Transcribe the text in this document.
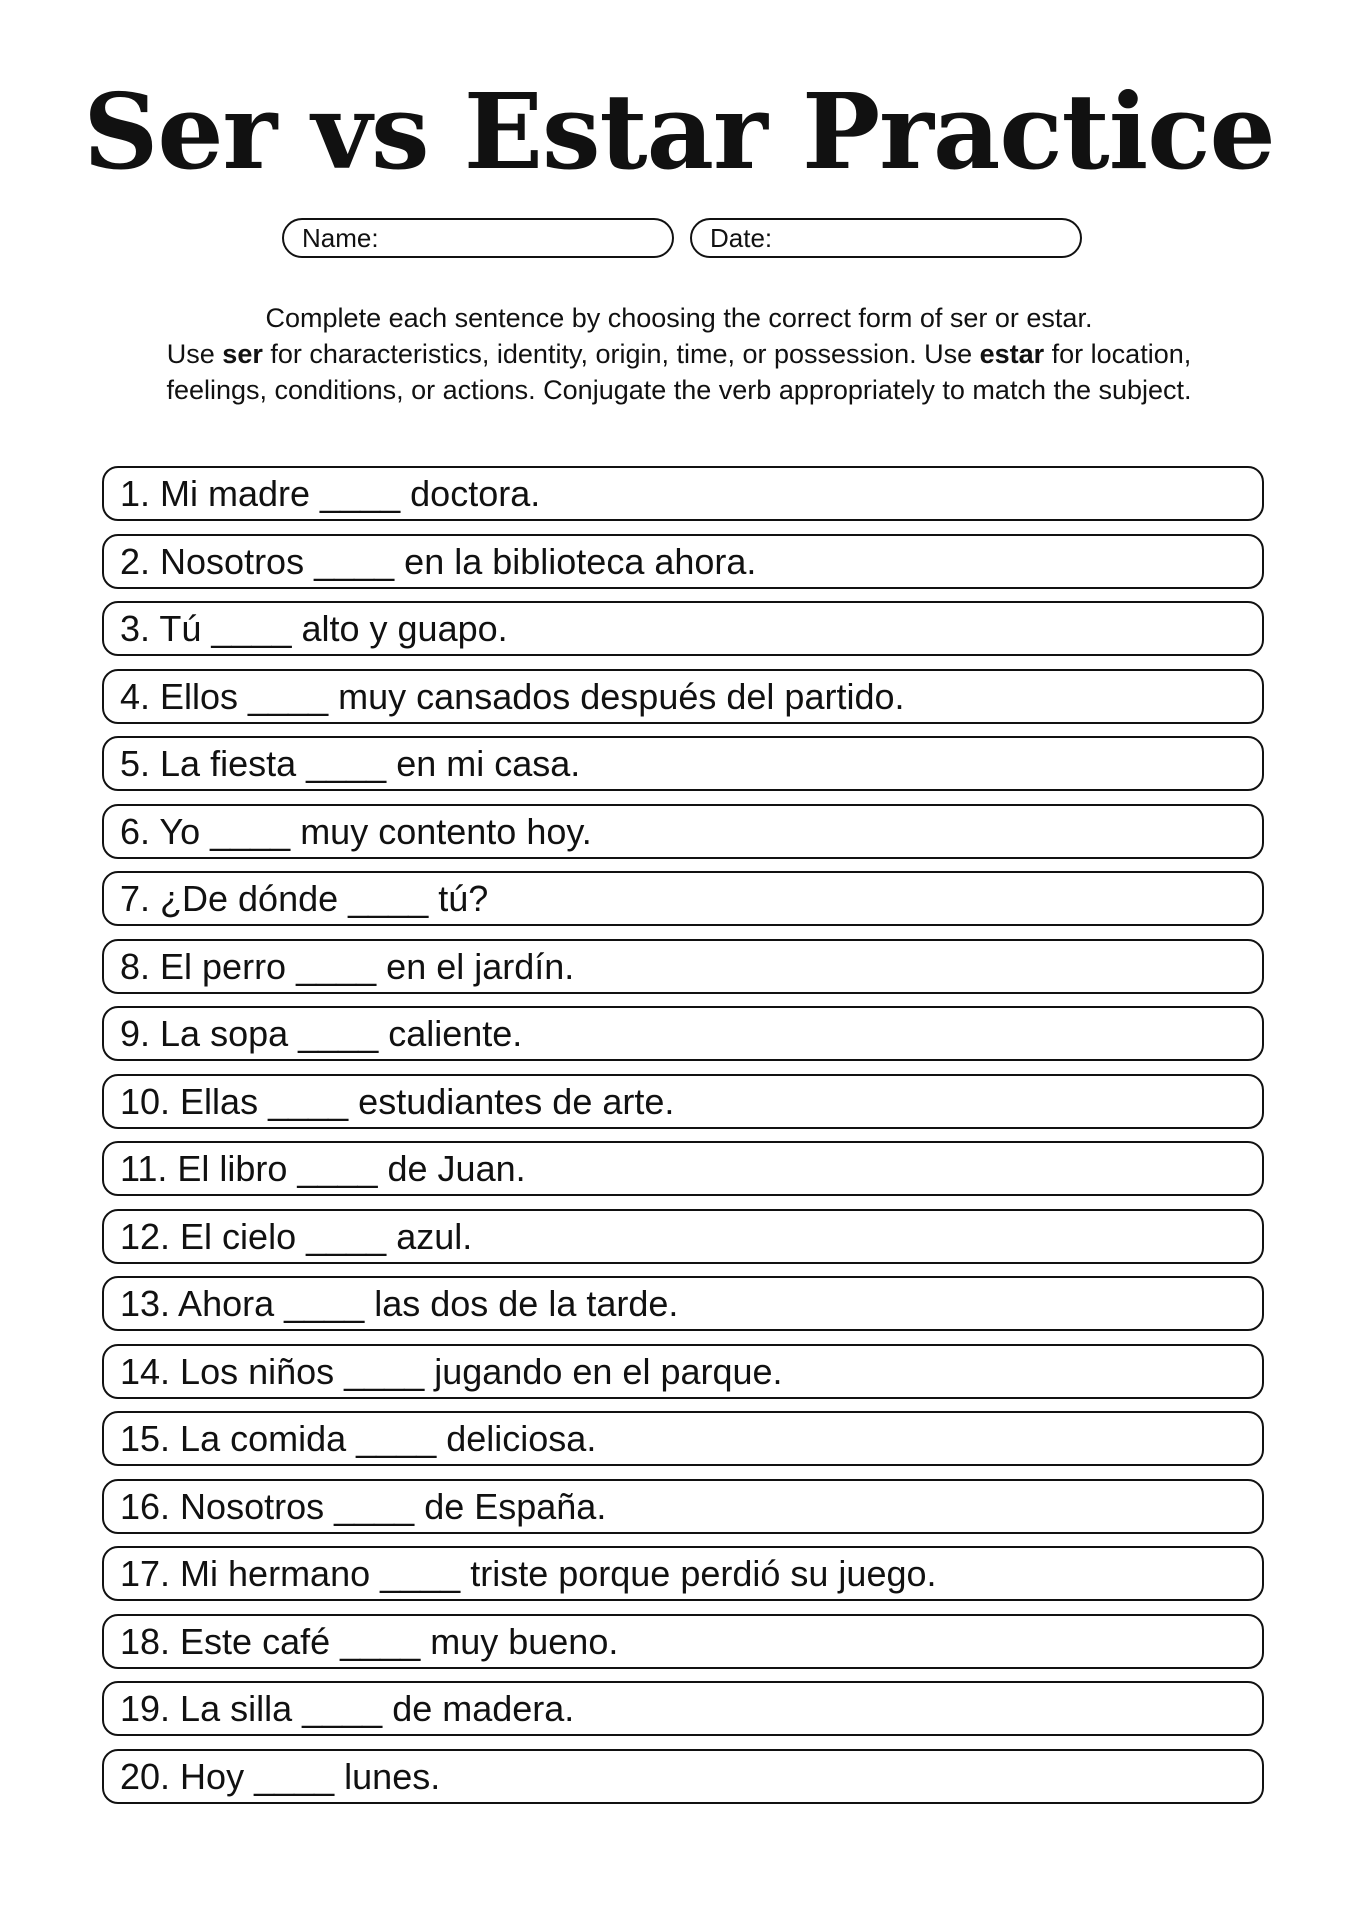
Ser vs Estar Practice
Name:	Date:

Complete each sentence by choosing the correct form of ser or estar.

Use ser for characteristics, identity, origin, time, or possession. Use estar for location,

feelings, conditions, or actions. Conjugate the verb appropriately to match the subject.

1. Mi madre ____ doctora.
2. Nosotros ____ en la biblioteca ahora.
3. Tú ____ alto y guapo.
4. Ellos ____ muy cansados después del partido.
5. La fiesta ____ en mi casa.
6. Yo ____ muy contento hoy.
7. ¿De dónde ____ tú?
8. El perro ____ en el jardín.
9. La sopa ____ caliente.
10. Ellas ____ estudiantes de arte.
11. El libro ____ de Juan.
12. El cielo ____ azul.
13. Ahora ____ las dos de la tarde.
14. Los niños ____ jugando en el parque.
15. La comida ____ deliciosa.
16. Nosotros ____ de España.
17. Mi hermano ____ triste porque perdió su juego.
18. Este café ____ muy bueno.
19. La silla ____ de madera.
20. Hoy ____ lunes.
